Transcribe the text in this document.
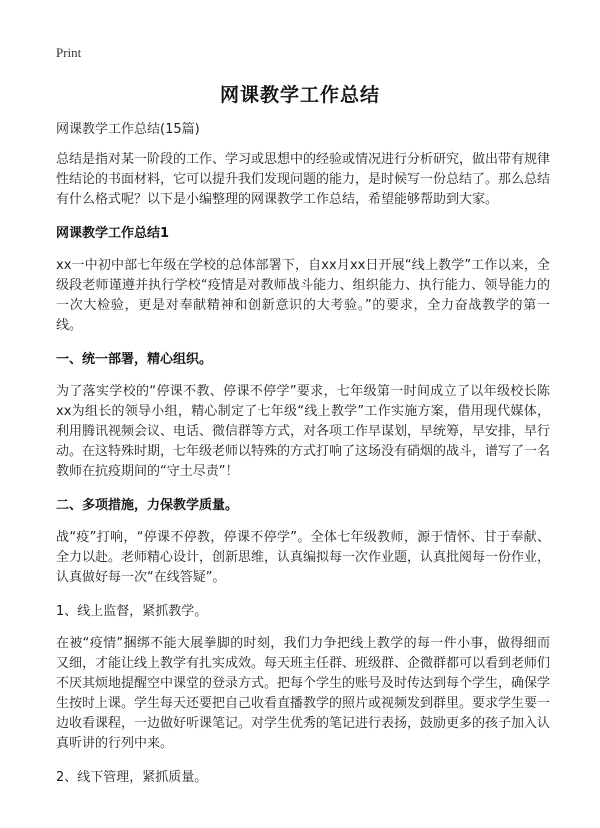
Print
网课教学工作总结
网课教学工作总结(15篇)

总结是指对某一阶段的工作、学习或思想中的经验或情况进行分析研究，做出带有规律性结论的书面材料，它可以提升我们发现问题的能力，是时候写一份总结了。那么总结有什么格式呢？以下是小编整理的网课教学工作总结，希望能够帮助到大家。

网课教学工作总结1

xx一中初中部七年级在学校的总体部署下，自xx月xx日开展“线上教学”工作以来，全级段老师谨遵并执行学校“疫情是对教师战斗能力、组织能力、执行能力、领导能力的一次大检验，更是对奉献精神和创新意识的大考验。”的要求，全力奋战教学的第一线。

一、统一部署，精心组织。

为了落实学校的“停课不教、停课不停学”要求，七年级第一时间成立了以年级校长陈xx为组长的领导小组，精心制定了七年级“线上教学”工作实施方案，借用现代媒体，利用腾讯视频会议、电话、微信群等方式，对各项工作早谋划，早统筹，早安排，早行动。在这特殊时期，七年级老师以特殊的方式打响了这场没有硝烟的战斗，谱写了一名教师在抗疫期间的“守土尽责”！

二、多项措施，力保教学质量。

战“疫”打响，“停课不停教，停课不停学”。全体七年级教师，源于情怀、甘于奉献、全力以赴。老师精心设计，创新思维，认真编拟每一次作业题，认真批阅每一份作业，认真做好每一次“在线答疑”。

1、线上监督，紧抓教学。

在被“疫情”捆绑不能大展拳脚的时刻，我们力争把线上教学的每一件小事，做得细而又细，才能让线上教学有扎实成效。每天班主任群、班级群、企微群都可以看到老师们不厌其烦地提醒空中课堂的登录方式。把每个学生的账号及时传达到每个学生，确保学生按时上课。学生每天还要把自己收看直播教学的照片或视频发到群里。要求学生要一边收看课程，一边做好听课笔记。对学生优秀的笔记进行表扬，鼓励更多的孩子加入认真听讲的行列中来。

2、线下管理，紧抓质量。
